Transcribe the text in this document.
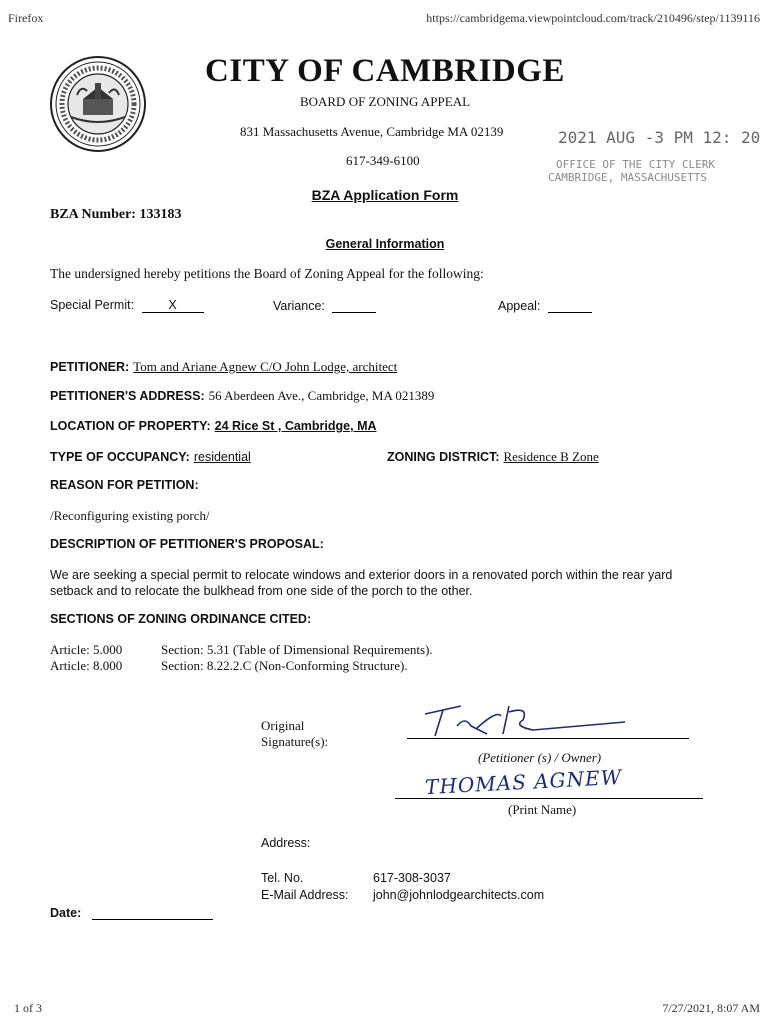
Firefox	https://cambridgema.viewpointcloud.com/track/210496/step/1139116
1 of 3	7/27/2021, 8:07 AM
CITY OF CAMBRIDGE
BOARD OF ZONING APPEAL
831 Massachusetts Avenue, Cambridge MA 02139
617-349-6100
2021 AUG -3 PM 12: 20
OFFICE OF THE CITY CLERK
CAMBRIDGE, MASSACHUSETTS
BZA Application Form
BZA Number: 133183
General Information
The undersigned hereby petitions the Board of Zoning Appeal for the following:
Special Permit:	X	Variance:	Appeal:
PETITIONER: Tom and Ariane Agnew C/O John Lodge, architect
PETITIONER'S ADDRESS: 56 Aberdeen Ave., Cambridge, MA 021389
LOCATION OF PROPERTY: 24 Rice St , Cambridge, MA
TYPE OF OCCUPANCY: residential	ZONING DISTRICT: Residence B Zone
REASON FOR PETITION:
/Reconfiguring existing porch/
DESCRIPTION OF PETITIONER'S PROPOSAL:
We are seeking a special permit to relocate windows and exterior doors in a renovated porch within the rear yard
setback and to relocate the bulkhead from one side of the porch to the other.
SECTIONS OF ZONING ORDINANCE CITED:
Article: 5.000	Section: 5.31 (Table of Dimensional Requirements).
Article: 8.000	Section: 8.22.2.C (Non-Conforming Structure).
Original
Signature(s):
(Petitioner (s) / Owner)
THOMAS AGNEW
(Print Name)
Address:
Tel. No.	617-308-3037
E-Mail Address: john@johnlodgearchitects.com
Date:
